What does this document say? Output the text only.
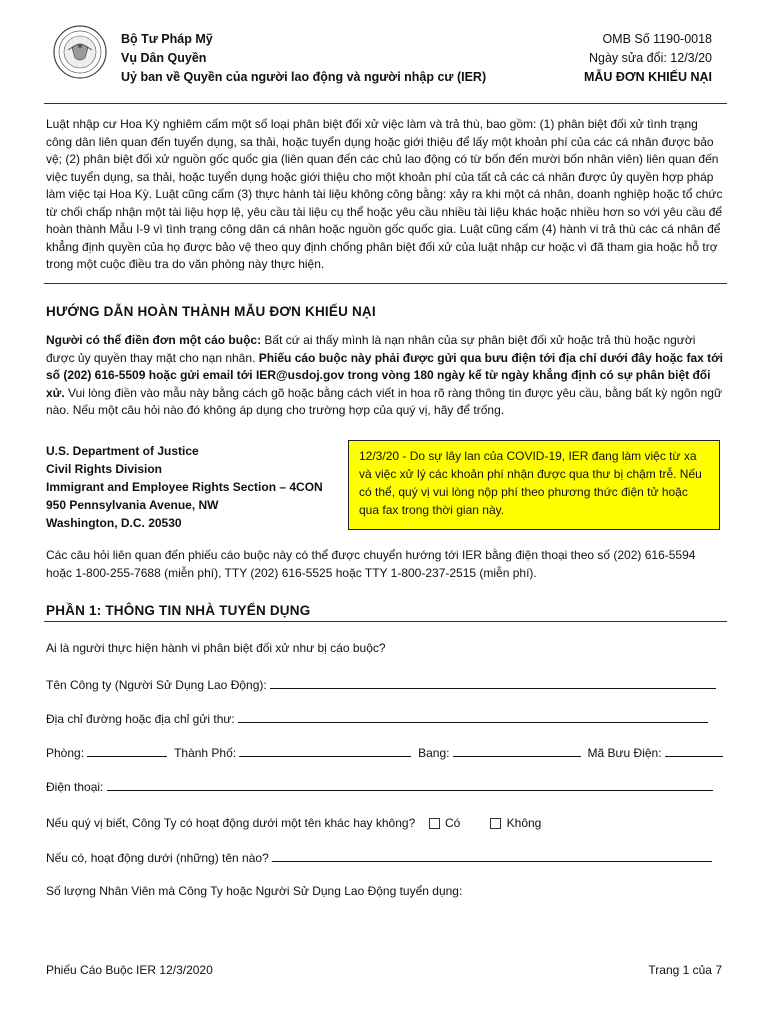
Bộ Tư Pháp Mỹ
Vụ Dân Quyền
Uỷ ban về Quyền của người lao động và người nhập cư (IER)
OMB Số 1190-0018
Ngày sửa đổi: 12/3/20
MẪU ĐƠN KHIẾU NẠI
Luật nhập cư Hoa Kỳ nghiêm cấm một số loại phân biệt đối xử việc làm và trả thù, bao gồm: (1) phân biệt đối xử tình trạng công dân liên quan đến tuyển dụng, sa thải, hoặc tuyển dụng hoặc giới thiệu để lấy một khoản phí của các cá nhân được bảo vệ; (2) phân biệt đối xử nguồn gốc quốc gia (liên quan đến các chủ lao động có từ bốn đến mười bốn nhân viên) liên quan đến việc tuyển dụng, sa thải, hoặc tuyển dụng hoặc giới thiệu cho một khoản phí của tất cả các cá nhân được ủy quyền hợp pháp làm việc tại Hoa Kỳ. Luật cũng cấm (3) thực hành tài liệu không công bằng: xảy ra khi một cá nhân, doanh nghiệp hoặc tổ chức từ chối chấp nhận một tài liệu hợp lệ, yêu cầu tài liệu cụ thể hoặc yêu cầu nhiều tài liệu khác hoặc nhiều hơn so với yêu cầu để hoàn thành Mẫu I-9 vì tình trạng công dân cá nhân hoặc nguồn gốc quốc gia. Luật cũng cấm (4) hành vi trả thù các cá nhân để khẳng định quyền của họ được bảo vệ theo quy định chống phân biệt đối xử của luật nhập cư hoặc vì đã tham gia hoặc hỗ trợ trong một cuộc điều tra do văn phòng này thực hiện.
HƯỚNG DẪN HOÀN THÀNH MẪU ĐƠN KHIẾU NẠI
Người có thể điền đơn một cáo buộc: Bất cứ ai thấy mình là nạn nhân của sự phân biệt đối xử hoặc trả thù hoặc người được ủy quyền thay mặt cho nạn nhân. Phiếu cáo buộc này phải được gửi qua bưu điện tới địa chỉ dưới đây hoặc fax tới số (202) 616-5509 hoặc gửi email tới IER@usdoj.gov trong vòng 180 ngày kể từ ngày khẳng định có sự phân biệt đối xử. Vui lòng điền vào mẫu này bằng cách gõ hoặc bằng cách viết in hoa rõ ràng thông tin được yêu cầu, bằng bất kỳ ngôn ngữ nào. Nếu một câu hỏi nào đó không áp dụng cho trường hợp của quý vị, hãy để trống.
U.S. Department of Justice
Civil Rights Division
Immigrant and Employee Rights Section – 4CON
950 Pennsylvania Avenue, NW
Washington, D.C. 20530
12/3/20 - Do sự lây lan của COVID-19, IER đang làm việc từ xa và việc xử lý các khoản phí nhận được qua thư bị chậm trễ. Nếu có thể, quý vị vui lòng nộp phí theo phương thức điện tử hoặc qua fax trong thời gian này.
Các câu hỏi liên quan đến phiếu cáo buộc này có thể được chuyển hướng tới IER bằng điện thoại theo số (202) 616-5594 hoặc 1-800-255-7688 (miễn phí), TTY (202) 616-5525 hoặc TTY 1-800-237-2515 (miễn phí).
PHẦN 1: THÔNG TIN NHÀ TUYỂN DỤNG
Ai là người thực hiện hành vi phân biệt đối xử như bị cáo buộc?
Tên Công ty (Người Sử Dụng Lao Động):
Địa chỉ đường hoặc địa chỉ gửi thư:
Phòng:	Thành Phố:	Bang:	Mã Bưu Điện:
Điện thoại:
Nếu quý vị biết, Công Ty có hoạt động dưới một tên khác hay không? Có	Không
Nếu có, hoạt động dưới (những) tên nào?
Số lượng Nhân Viên mà Công Ty hoặc Người Sử Dụng Lao Động tuyển dụng:
Phiếu Cáo Buộc IER 12/3/2020	Trang 1 của 7
